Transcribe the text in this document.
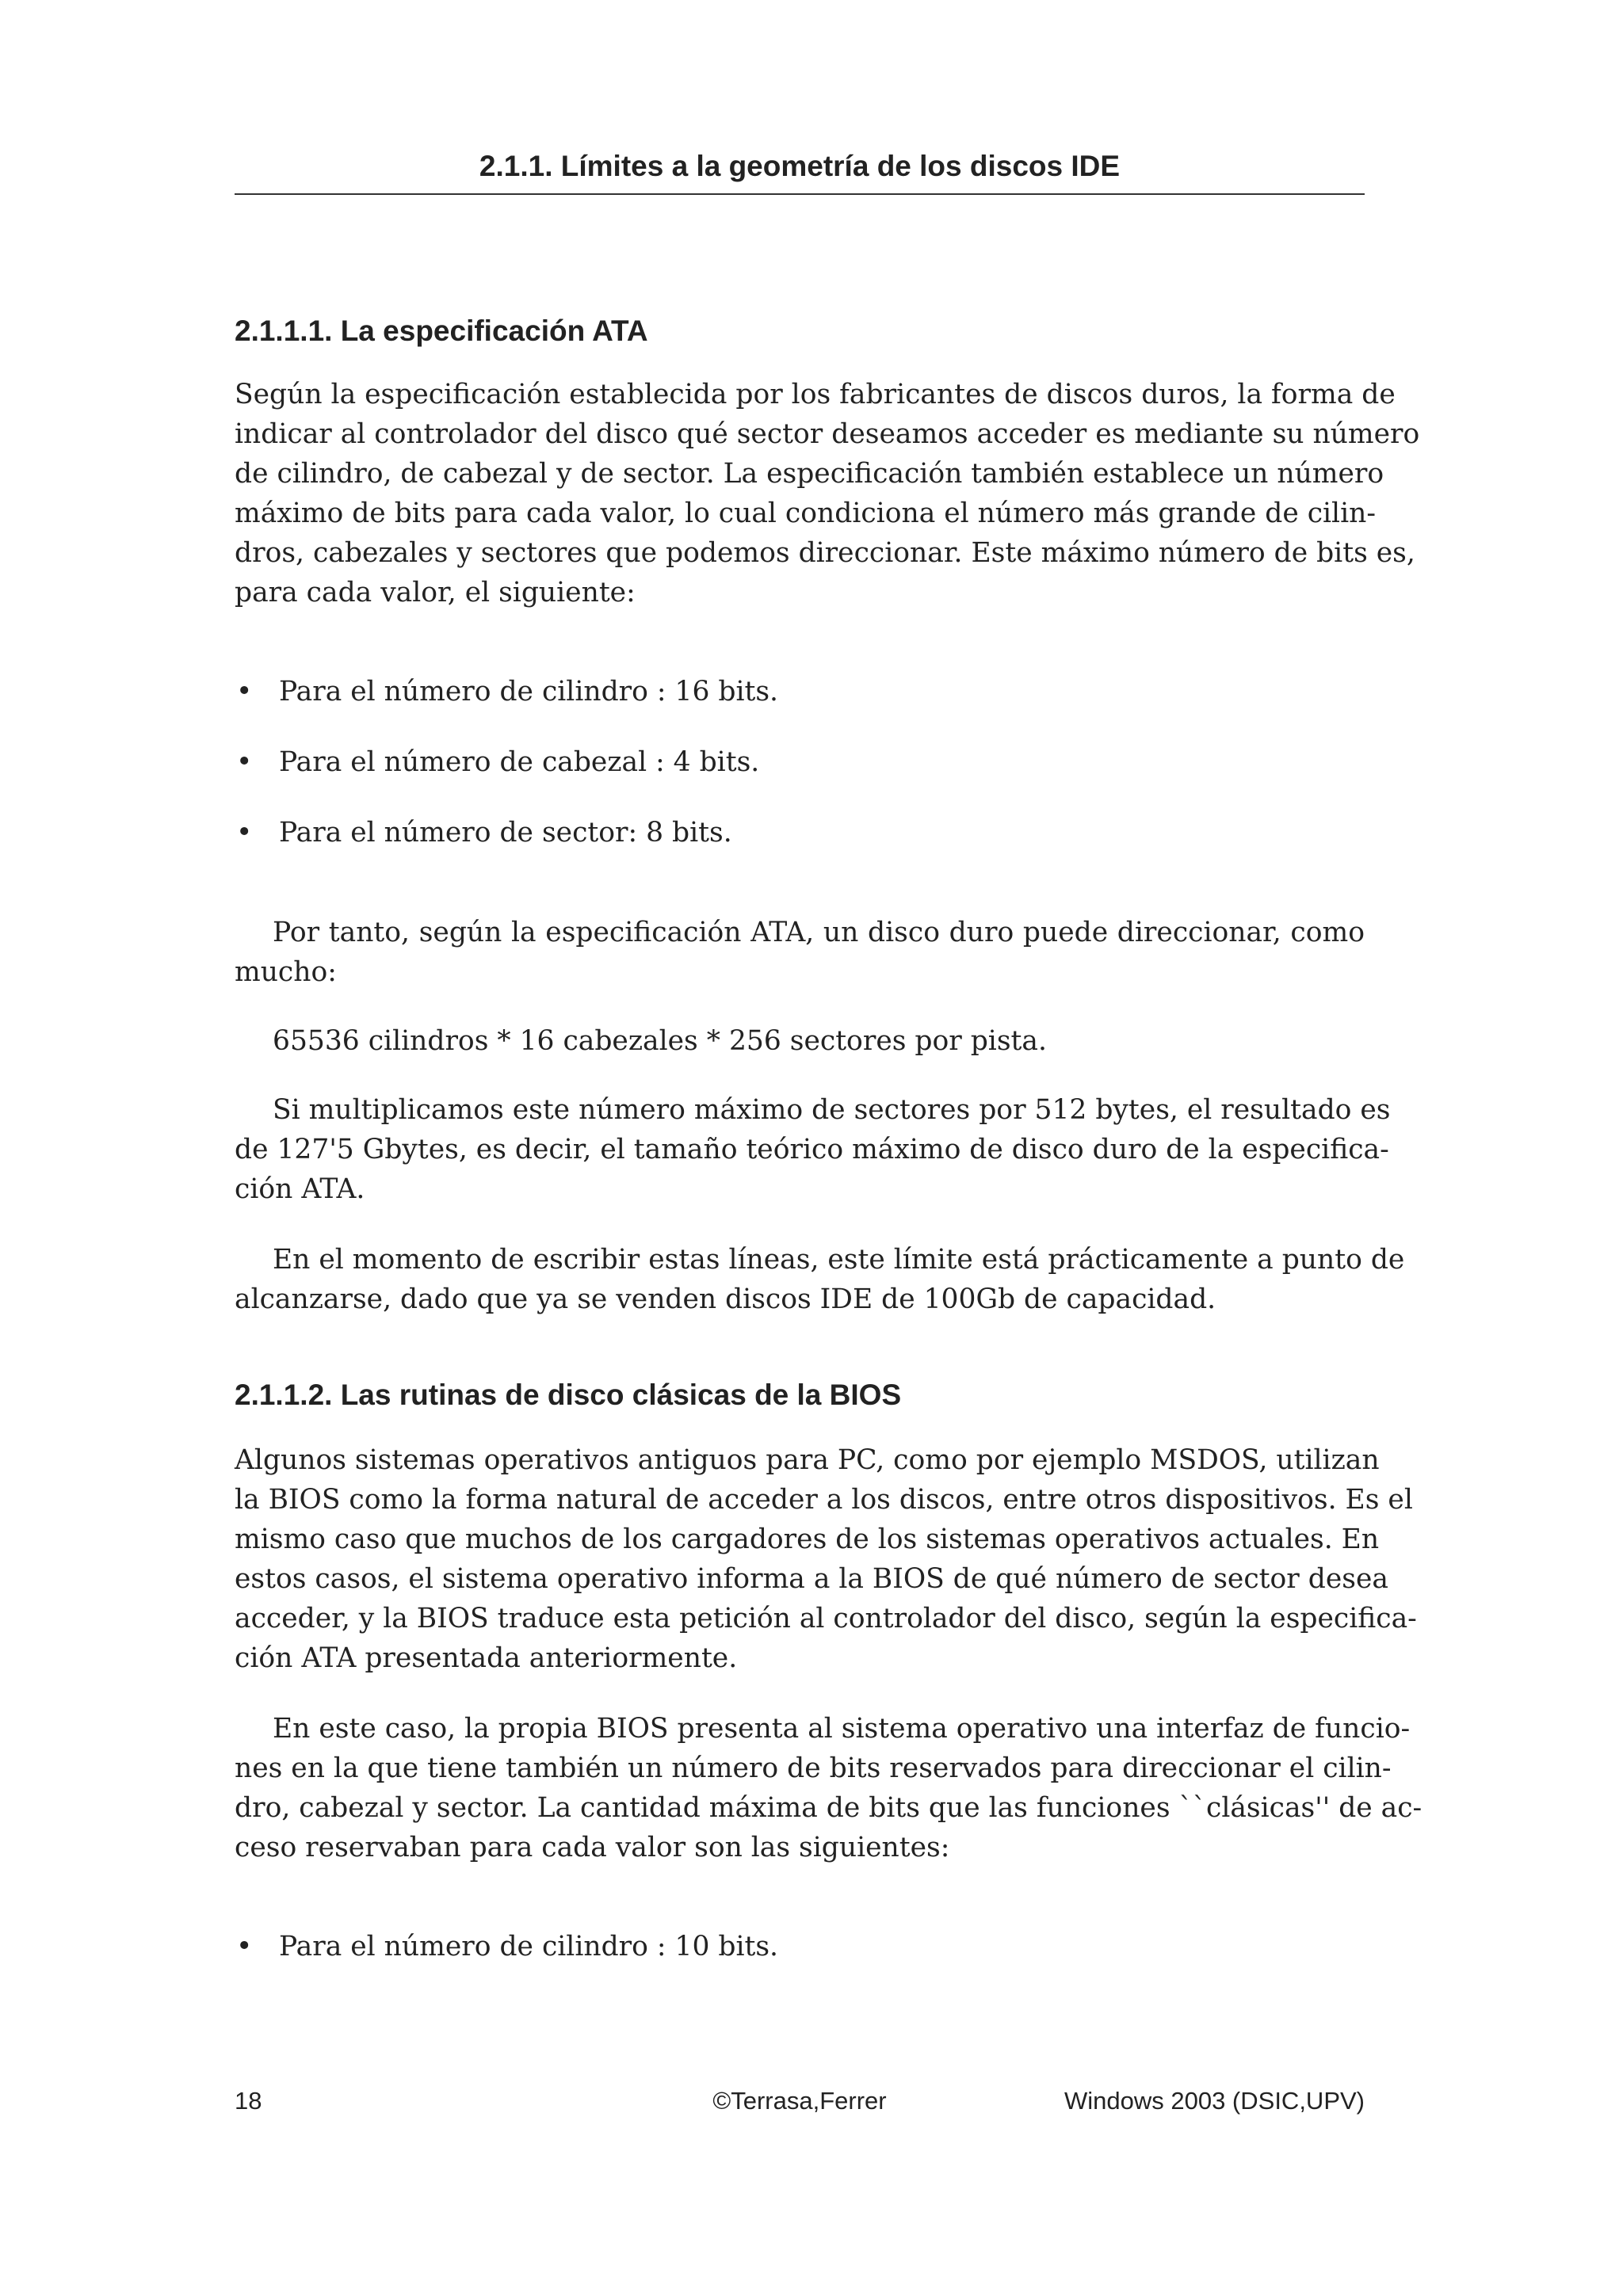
2.1.1. Límites a la geometría de los discos IDE
2.1.1.1. La especificación ATA
Según la especificación establecida por los fabricantes de discos duros, la forma de
indicar al controlador del disco qué sector deseamos acceder es mediante su número
de cilindro, de cabezal y de sector. La especificación también establece un número
máximo de bits para cada valor, lo cual condiciona el número más grande de cilin-
dros, cabezales y sectores que podemos direccionar. Este máximo número de bits es,
para cada valor, el siguiente:
• Para el número de cilindro : 16 bits.
• Para el número de cabezal : 4 bits.
• Para el número de sector: 8 bits.
Por tanto, según la especificación ATA, un disco duro puede direccionar, como
mucho:
65536 cilindros * 16 cabezales * 256 sectores por pista.
Si multiplicamos este número máximo de sectores por 512 bytes, el resultado es
de 127'5 Gbytes, es decir, el tamaño teórico máximo de disco duro de la especifica-
ción ATA.
En el momento de escribir estas líneas, este límite está prácticamente a punto de
alcanzarse, dado que ya se venden discos IDE de 100Gb de capacidad.
2.1.1.2. Las rutinas de disco clásicas de la BIOS
Algunos sistemas operativos antiguos para PC, como por ejemplo MSDOS, utilizan
la BIOS como la forma natural de acceder a los discos, entre otros dispositivos. Es el
mismo caso que muchos de los cargadores de los sistemas operativos actuales. En
estos casos, el sistema operativo informa a la BIOS de qué número de sector desea
acceder, y la BIOS traduce esta petición al controlador del disco, según la especifica-
ción ATA presentada anteriormente.
En este caso, la propia BIOS presenta al sistema operativo una interfaz de funcio-
nes en la que tiene también un número de bits reservados para direccionar el cilin-
dro, cabezal y sector. La cantidad máxima de bits que las funciones ``clásicas'' de ac-
ceso reservaban para cada valor son las siguientes:
• Para el número de cilindro : 10 bits.
18	©Terrasa,Ferrer	Windows 2003 (DSIC,UPV)
